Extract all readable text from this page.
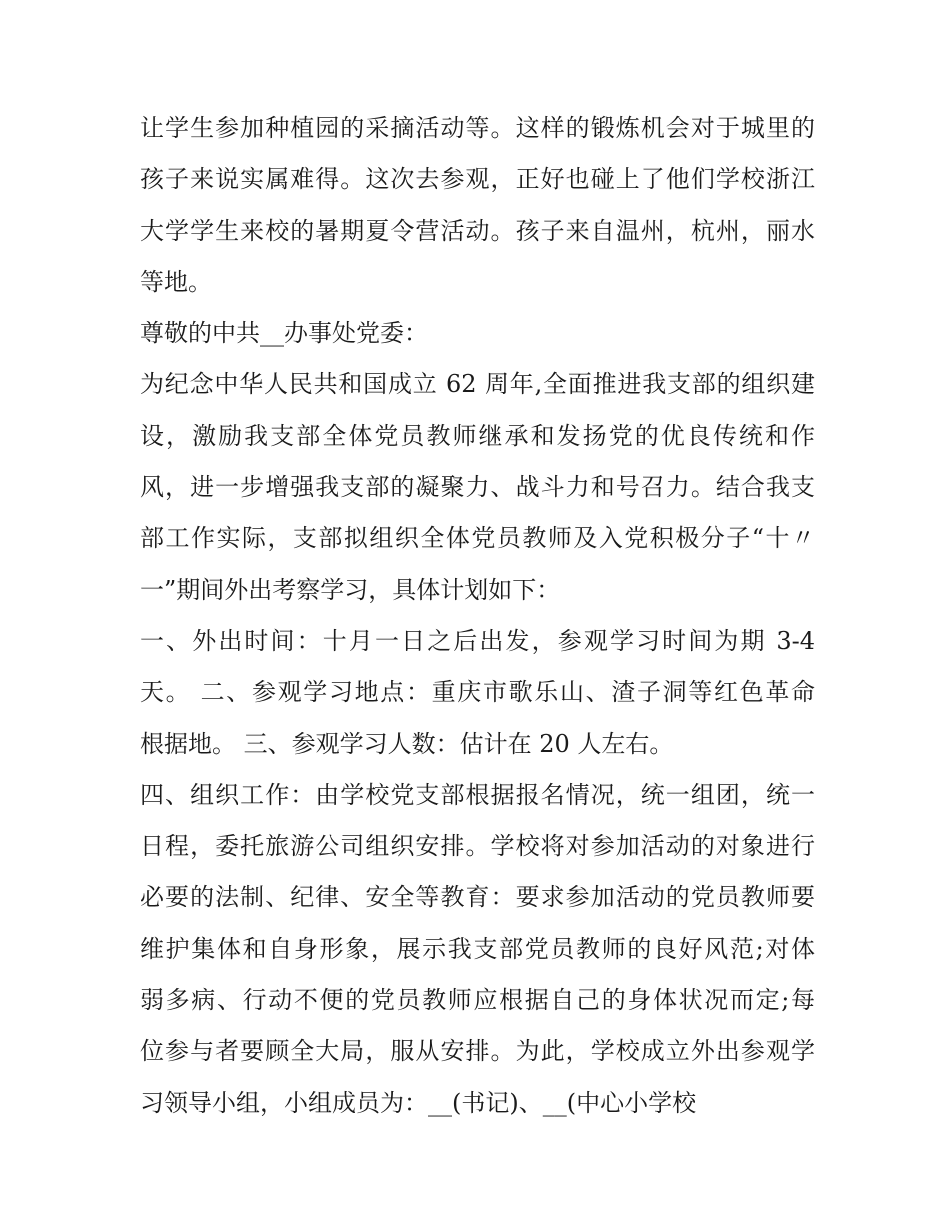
让学生参加种植园的采摘活动等。这样的锻炼机会对于城里的
孩子来说实属难得。这次去参观，正好也碰上了他们学校浙江
大学学生来校的暑期夏令营活动。孩子来自温州，杭州，丽水
等地。
尊敬的中共__办事处党委：
为纪念中华人民共和国成立 62 周年,全面推进我支部的组织建
设，激励我支部全体党员教师继承和发扬党的优良传统和作
风，进一步增强我支部的凝聚力、战斗力和号召力。结合我支
部工作实际，支部拟组织全体党员教师及入党积极分子“十〃
一”期间外出考察学习，具体计划如下：
一、外出时间：十月一日之后出发，参观学习时间为期 3-4
天。 二、参观学习地点：重庆市歌乐山、渣子洞等红色革命
根据地。 三、参观学习人数：估计在 20 人左右。
四、组织工作：由学校党支部根据报名情况，统一组团，统一
日程，委托旅游公司组织安排。学校将对参加活动的对象进行
必要的法制、纪律、安全等教育：要求参加活动的党员教师要
维护集体和自身形象，展示我支部党员教师的良好风范;对体
弱多病、行动不便的党员教师应根据自己的身体状况而定;每
位参与者要顾全大局，服从安排。为此，学校成立外出参观学
习领导小组，小组成员为：__(书记)、__(中心小学校
